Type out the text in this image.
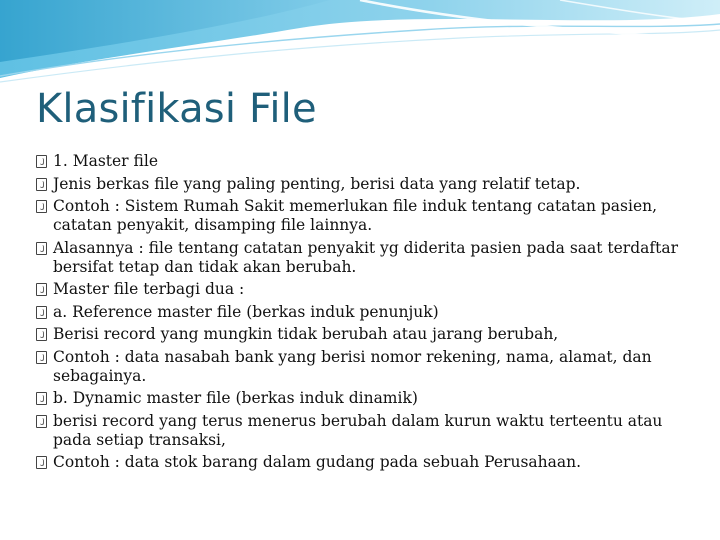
Klasifikasi File
1. Master file
Jenis berkas file yang paling penting, berisi data yang relatif tetap.
Contoh : Sistem Rumah Sakit memerlukan file induk tentang catatan pasien, catatan penyakit, disamping file lainnya.
Alasannya : file tentang catatan penyakit yg diderita pasien pada saat terdaftar bersifat tetap dan tidak akan berubah.
Master file terbagi dua :
a. Reference master file (berkas induk penunjuk)
Berisi record yang mungkin tidak berubah atau jarang berubah,
Contoh : data nasabah bank yang berisi nomor rekening, nama, alamat, dan sebagainya.
b. Dynamic master file (berkas induk dinamik)
berisi record yang terus menerus berubah dalam kurun waktu terteentu atau pada setiap transaksi,
Contoh : data stok barang dalam gudang pada sebuah Perusahaan.
